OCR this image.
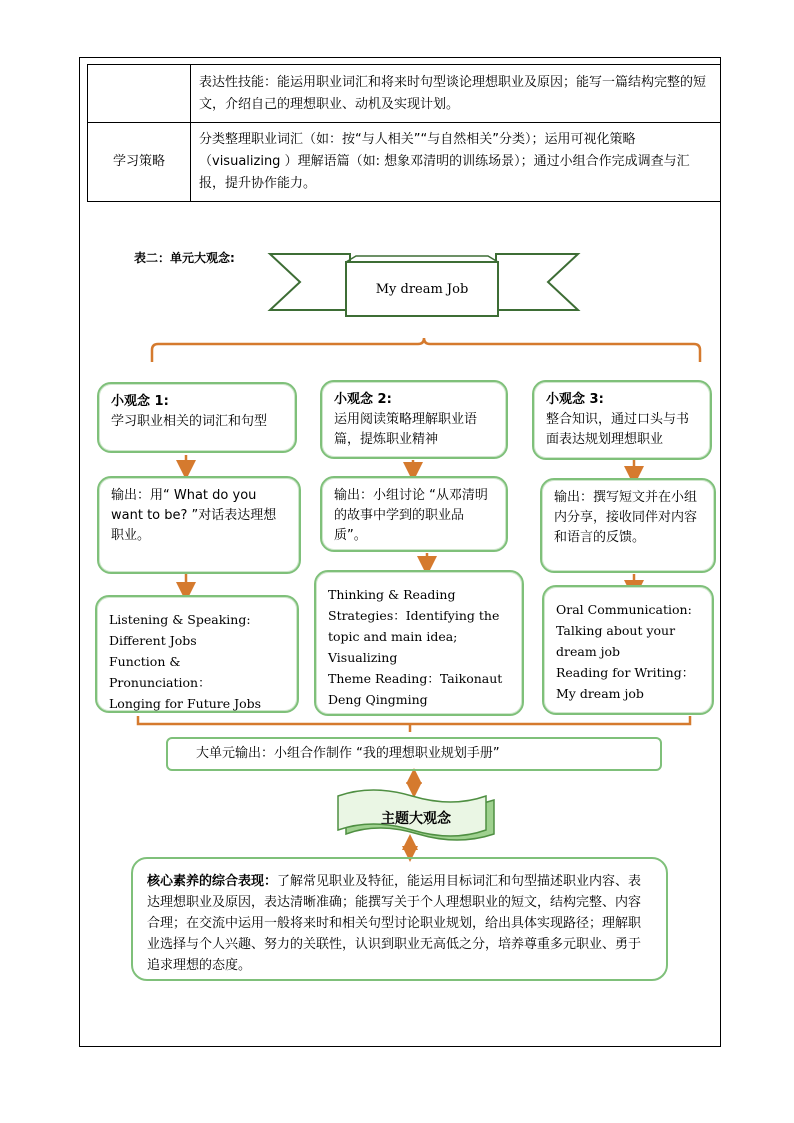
	表达性技能：能运用职业词汇和将来时句型谈论理想职业及原因；能写一篇结构完整的短文，介绍自己的理想职业、动机及实现计划。
学习策略	分类整理职业词汇（如：按“与人相关”“与自然相关”分类）；运用可视化策略（visualizing ）理解语篇（如: 想象邓清明的训练场景）；通过小组合作完成调查与汇报，提升协作能力。
表二：单元大观念:
My dream Job
小观念 1:
学习职业相关的词汇和句型
输出：用“ What do you want to be? ”对话表达理想职业。
Listening & Speaking:
Different Jobs
Function & Pronunciation：
Longing for Future Jobs
小观念 2:
运用阅读策略理解职业语篇，提炼职业精神
输出：小组讨论 “从邓清明的故事中学到的职业品质”。
Thinking & Reading
Strategies：Identifying the
topic and main idea;
Visualizing
Theme Reading：Taikonaut
Deng Qingming
小观念 3:
整合知识，通过口头与书面表达规划理想职业
输出：撰写短文并在小组内分享，接收同伴对内容和语言的反馈。
Oral Communication:
Talking about your
dream job
Reading for Writing：
My dream job
大单元输出：小组合作制作 “我的理想职业规划手册”
主题大观念
核心素养的综合表现：了解常见职业及特征，能运用目标词汇和句型描述职业内容、表达理想职业及原因，表达清晰准确；能撰写关于个人理想职业的短文，结构完整、内容合理；在交流中运用一般将来时和相关句型讨论职业规划，给出具体实现路径；理解职业选择与个人兴趣、努力的关联性，认识到职业无高低之分，培养尊重多元职业、勇于追求理想的态度。
